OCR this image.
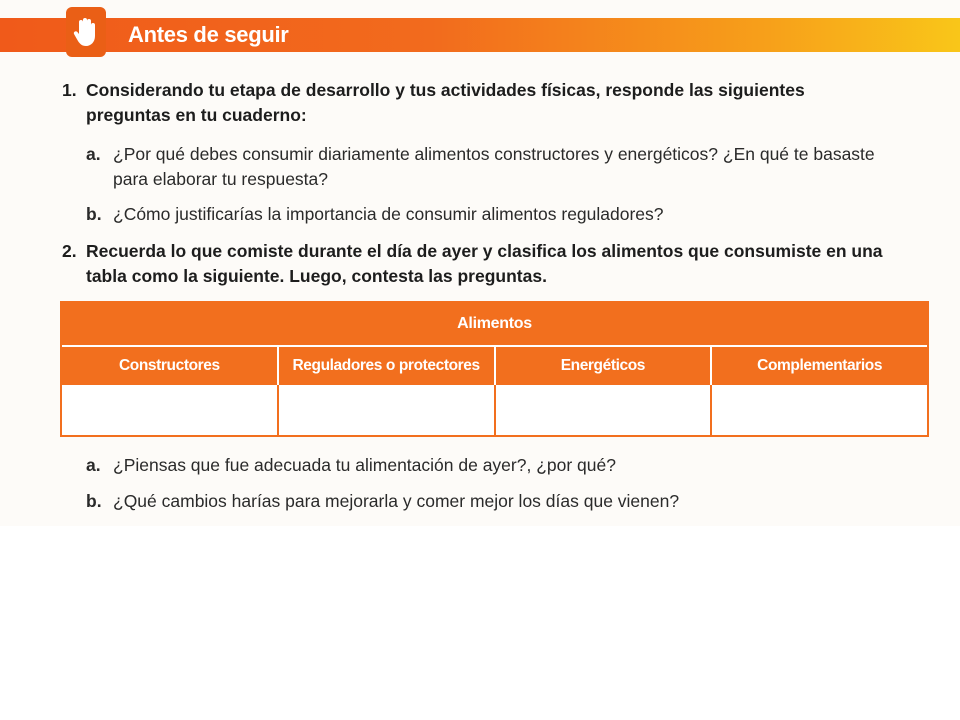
Antes de seguir
1. Considerando tu etapa de desarrollo y tus actividades físicas, responde las siguientes preguntas en tu cuaderno:
a. ¿Por qué debes consumir diariamente alimentos constructores y energéticos? ¿En qué te basaste para elaborar tu respuesta?
b. ¿Cómo justificarías la importancia de consumir alimentos reguladores?
2. Recuerda lo que comiste durante el día de ayer y clasifica los alimentos que consumiste en una tabla como la siguiente. Luego, contesta las preguntas.
Alimentos
Constructores	Reguladores o protectores	Energéticos	Complementarios
a. ¿Piensas que fue adecuada tu alimentación de ayer?, ¿por qué?
b. ¿Qué cambios harías para mejorarla y comer mejor los días que vienen?
